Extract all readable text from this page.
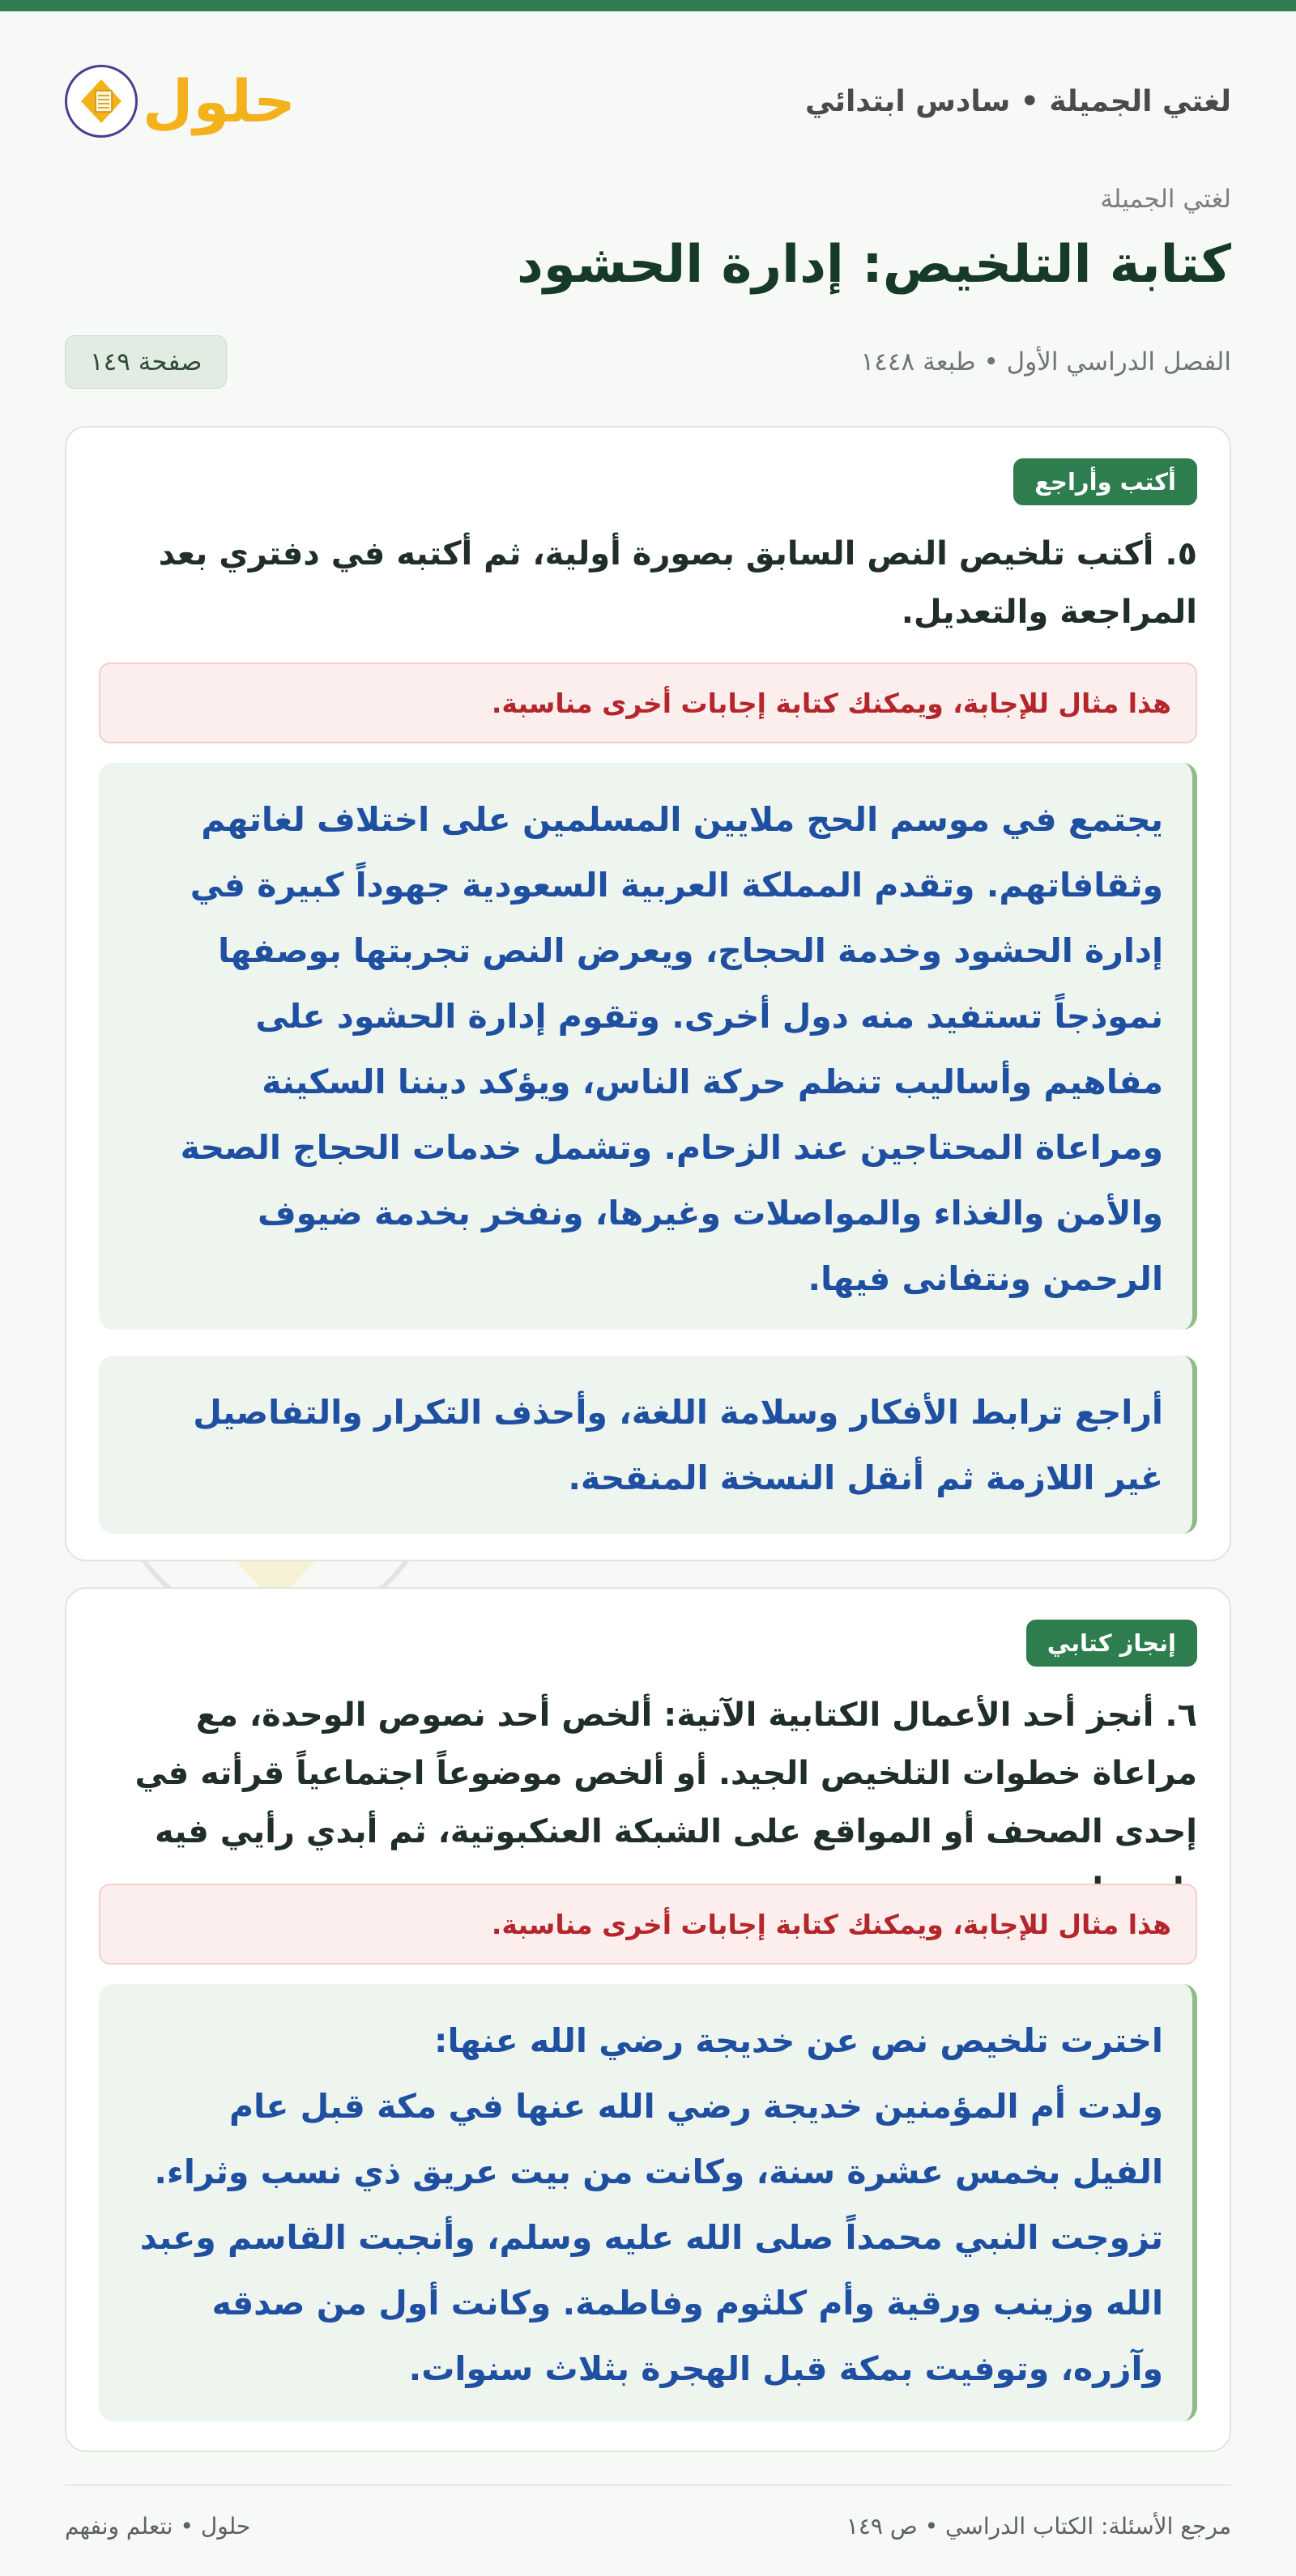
لغتي الجميلة • سادس ابتدائي
حلول
لغتي الجميلة
كتابة التلخيص: إدارة الحشود
الفصل الدراسي الأول • طبعة ١٤٤٨
صفحة ١٤٩
أكتب وأراجع
٥. أكتب تلخيص النص السابق بصورة أولية، ثم أكتبه في دفتري بعد المراجعة والتعديل.
هذا مثال للإجابة، ويمكنك كتابة إجابات أخرى مناسبة.

يجتمع في موسم الحج ملايين المسلمين على اختلاف لغاتهم وثقافاتهم. وتقدم المملكة العربية السعودية جهوداً كبيرة في إدارة الحشود وخدمة الحجاج، ويعرض النص تجربتها بوصفها نموذجاً تستفيد منه دول أخرى. وتقوم إدارة الحشود على مفاهيم وأساليب تنظم حركة الناس، ويؤكد ديننا السكينة ومراعاة المحتاجين عند الزحام. وتشمل خدمات الحجاج الصحة والأمن والغذاء والمواصلات وغيرها، ونفخر بخدمة ضيوف الرحمن ونتفانى فيها.

أراجع ترابط الأفكار وسلامة اللغة، وأحذف التكرار والتفاصيل غير اللازمة ثم أنقل النسخة المنقحة.

إنجاز كتابي
٦. أنجز أحد الأعمال الكتابية الآتية: ألخص أحد نصوص الوحدة، مع مراعاة خطوات التلخيص الجيد. أو ألخص موضوعاً اجتماعياً قرأته في إحدى الصحف أو المواقع على الشبكة العنكبوتية، ثم أبدي رأيي فيه
هذا مثال للإجابة، ويمكنك كتابة إجابات أخرى مناسبة.

اخترت تلخيص نص عن خديجة رضي الله عنها:

ولدت أم المؤمنين خديجة رضي الله عنها في مكة قبل عام الفيل بخمس عشرة سنة، وكانت من بيت عريق ذي نسب وثراء. تزوجت النبي محمداً صلى الله عليه وسلم، وأنجبت القاسم وعبد الله وزينب ورقية وأم كلثوم وفاطمة. وكانت أول من صدقه وآزره، وتوفيت بمكة قبل الهجرة بثلاث سنوات.

مرجع الأسئلة: الكتاب الدراسي • ص ١٤٩
حلول • نتعلم ونفهم
